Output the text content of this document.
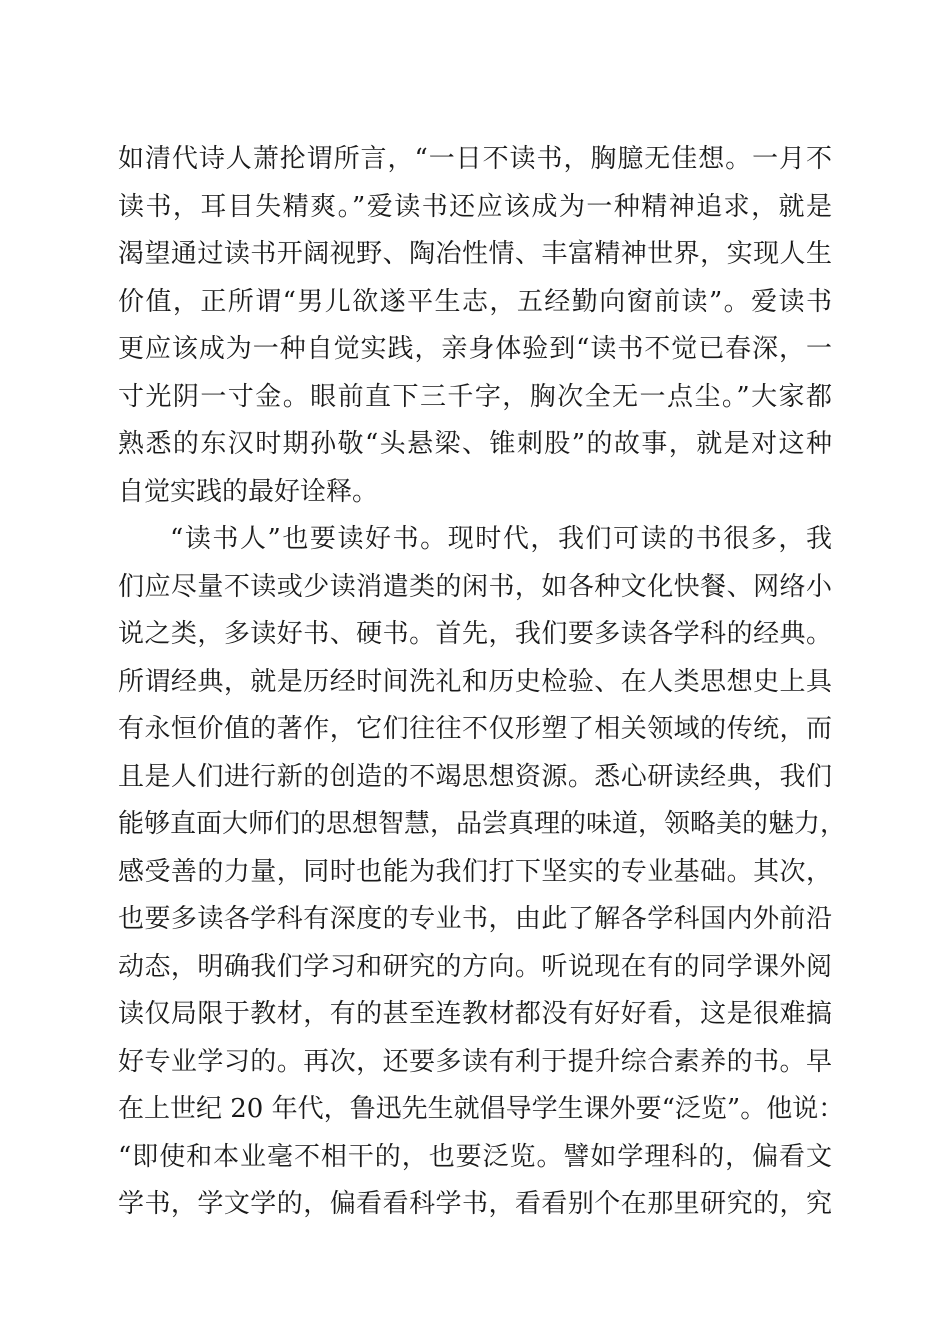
如清代诗人萧抡谓所言，“一日不读书，胸臆无佳想。一月不
读书，耳目失精爽。”爱读书还应该成为一种精神追求，就是
渴望通过读书开阔视野、陶冶性情、丰富精神世界，实现人生
价值，正所谓“男儿欲遂平生志，五经勤向窗前读”。爱读书
更应该成为一种自觉实践，亲身体验到“读书不觉已春深，一
寸光阴一寸金。眼前直下三千字，胸次全无一点尘。”大家都
熟悉的东汉时期孙敬“头悬梁、锥刺股”的故事，就是对这种
自觉实践的最好诠释。
“读书人”也要读好书。现时代，我们可读的书很多，我
们应尽量不读或少读消遣类的闲书，如各种文化快餐、网络小
说之类，多读好书、硬书。首先，我们要多读各学科的经典。
所谓经典，就是历经时间洗礼和历史检验、在人类思想史上具
有永恒价值的著作，它们往往不仅形塑了相关领域的传统，而
且是人们进行新的创造的不竭思想资源。悉心研读经典，我们
能够直面大师们的思想智慧，品尝真理的味道，领略美的魅力，
感受善的力量，同时也能为我们打下坚实的专业基础。其次，
也要多读各学科有深度的专业书，由此了解各学科国内外前沿
动态，明确我们学习和研究的方向。听说现在有的同学课外阅
读仅局限于教材，有的甚至连教材都没有好好看，这是很难搞
好专业学习的。再次，还要多读有利于提升综合素养的书。早
在上世纪 20 年代，鲁迅先生就倡导学生课外要“泛览”。他说：
“即使和本业毫不相干的，也要泛览。譬如学理科的，偏看文
学书，学文学的，偏看看科学书，看看别个在那里研究的，究
